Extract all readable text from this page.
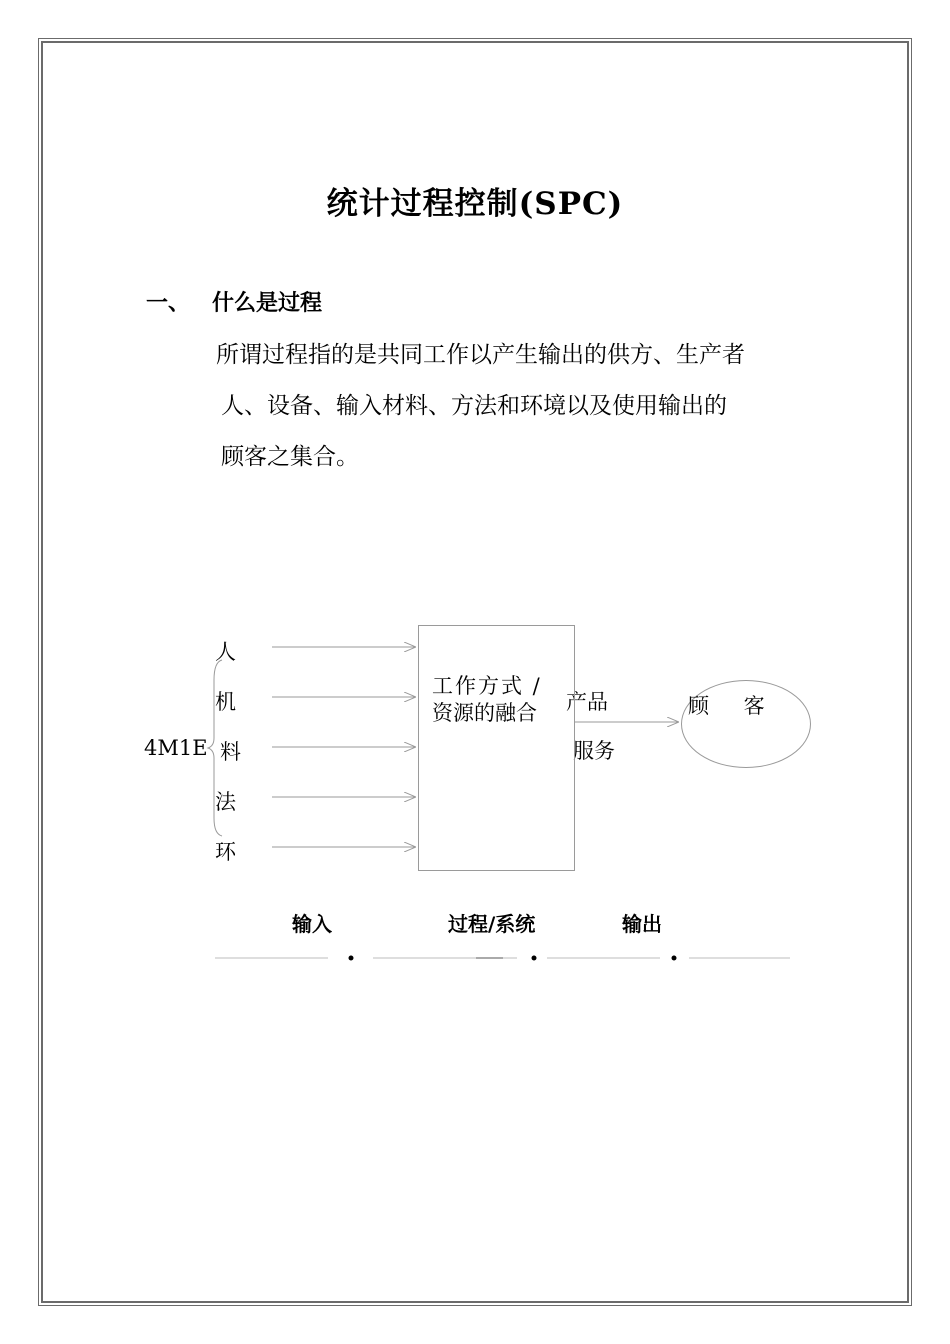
统计过程控制(SPC)
一、 什么是过程
所谓过程指的是共同工作以产生输出的供方、生产者
人、设备、输入材料、方法和环境以及使用输出的
顾客之集合。
4M1E
人
机
料
法
环
产品
服务
工作方式 /
资源的融合	顾 客
输入	过程/系统	输出
